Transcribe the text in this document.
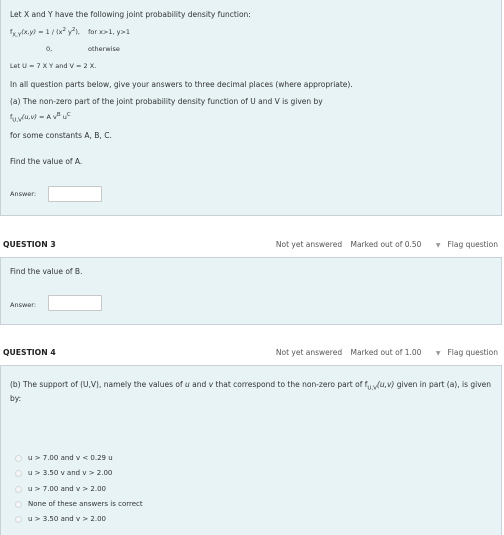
Let X and Y have the following joint probability density function:
$f_{X,Y}(x,y) = 1 / (x^2$ $y^2$), for x>1, y>1
0,	otherwise
Let U = 7 X Y and V = 2 X.
In all question parts below, give your answers to three decimal places (where appropriate).
(a) The non-zero part of the joint probability density function of U and V is given by
$f_{U,V}(u,v) = A$ $v^B$ $u^C$
for some constants A, B, C.
Find the value of A.
Answer:
QUESTION 3	Not yet answered Marked out of 0.50 ▼ Flag question
Find the value of B.
Answer:
QUESTION 4	Not yet answered Marked out of 1.00 ▼ Flag question
(b) The support of (U,V), namely the values of u and v that correspond to the non-zero part of $f_{U,V}(u,v)$ given in part (a), is given
by:
u > 7.00 and v < 0.29 u
u > 3.50 v and v > 2.00
u > 7.00 and v > 2.00
None of these answers is correct
u > 3.50 and v > 2.00
